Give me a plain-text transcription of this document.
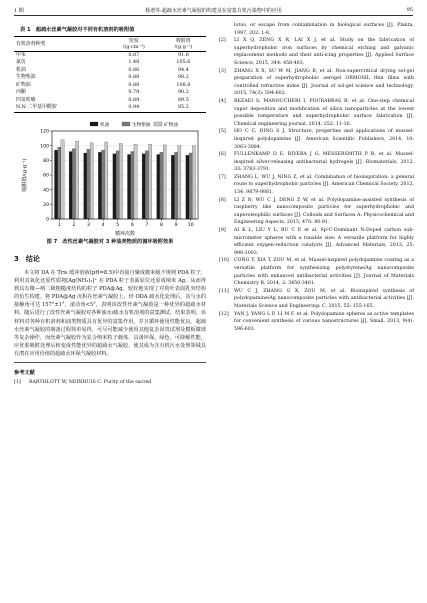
1 期	杨谱等:超疏水丝素气凝胶的构建及在富集有机污染物中的应用	95
表 1　超疏水丝素气凝胶对不同有机溶剂的吸附值
有机溶剂种类	密度
/(g·cm⁻³)	吸附值
/(g·g⁻¹)
甲苯	0.87	91.6
氯仿	1.48	105.6
机油	0.86	94.4
生物柴油	0.88	98.2
矿物油	0.88	108.8
丙酮	0.79	90.2
四氢呋喃	0.89	89.5
N,N-二甲基甲酰胺	0.94	85.2
0
20
40
60
80
100
120
1	2	3	4	5	6	7	8	9 10
循环次数
吸附值/(g·g⁻¹)
机油	生物柴油	矿物油
图 7　改性丝素气凝胶对 3 种油类物质的循环吸附效果
3　结论

本文将 DA 在 Tris 缓冲溶液(pH=8.5)中直接自聚成微米级不规则 PDA 粒子，利用其氧化还原性质将[Ag(NH₃)₂]⁺ 在 PDA 粒子表面原位还原成纳米 Ag，从而得到具有微—纳二级粗糙度结构的粒子 PDA@Ag，较好地实现了对荷叶表面乳突结构的仿生构建。将 PDA@Ag 沉积在丝素气凝胶上，经 ODA 疏水化处理后，其与水的接触角可达 157°±1°，滚动角<5°，表明该改性丝素气凝胶是一种优异的超疏水材料。随后进行了改性丝素气凝胶对各种油水/疏水有机溶剂的富集测试，结果表明，该材料对各种有机溶剂和油类物质具有优异的富集作用，并且循环使用性能优良。超疏水丝素气凝胶的制备过程简单易得，可尽可能减少使用其他复杂昂贵试剂及模板微球等复杂操作，而丝素气凝胶作为复合纳米粒子载体，具备环保、绿色、可降解性能，应优那吸附处理后转变成性能优异的超疏水气凝胶，使其成为含有机污水处理领域具有潜在应用价值的超疏水环保气凝胶材料。

参考文献

[1] BARTHLOTT W, NEINHUIS C. Purity of the sacred

lotus, or escape from contamination in biological surfaces [J]. Planta, 1997, 202: 1-8.

[2] LI X Q, ZENG X R, LAI X J, et al. Study on the fabrication of superhydrophobic iron surfaces by chemical etching and galvanic replacement methods and their anti-icing properties [J]. Applied Surface Science, 2015, 344: 458-463.

[3] ZHANG X X, SU W M, JIANG B, et al. Non-supercritical drying sol-gel preparation of superhydrophobic aerogel ORMOSIL thin films with controlled refractive index [J]. Journal of sol-gel science and technology, 2015, 74(3): 594-602.

[4] REZAEI S, MANOUCHERI I, POURABBAS B, et al. One-step chemical vapor deposition and modification of silica nanoparticles at the lowest possible temperature and superhydrophobic surface fabrication [J]. Chemical engineering journal, 2014, 252: 11-16.

[5] HO C C, DING S J. Structure, properties and applications of mussel-inspired polydopamine [J]. American Scientific Publishers, 2014, 10: 3063-3084.

[6] FULLENKAMP D E, RIVERA J G, MESSERSMITH P B, et al. Mussel-inspired silver-releasing antibacterial hydrogels [J]. Biomaterials, 2012, 33: 3783-3791.

[7] ZHANG L, WU J, NING Z, et al. Combination of bioinspiration: a general route to superhydrophobic particles [J]. American Chemical Society, 2012, 134: 9879-9881.

[8] LI Z N, WU C J, DENG Z W, et al. Polydopamine-assisted synthesis of raspberry like nanocomposite particles for superhydrophobic and superoleophilic surfaces [J]. Colloids and Surfaces A: Physicochemical and Engineering Aspects, 2015, 470: 80-91.

[9] AI K L, LIU Y L, RU C P, et al. Sp²C-Dominant N-Doped carbon sub-micrometer spheres with a tunable size: A versatile platform for highly efficient oxygen-reduction catalysts [J]. Advanced Materials, 2013, 25: 998-1003.

[10] CONG Y, XIA T, ZOU M, et al. Mussel-inspired polydopamine coating as a versatile platform for synthesizing polystyrene/Ag nanocomposite particles with enhanced antibacterial activities [J]. Journal of Materials Chemistry B, 2014, 2: 3450-3461.

[11] WU C J, ZHANG G X, ZOU M, et al. Bioinspired synthesis of polydopamine/Ag nanocomposite particles with antibacterial activities [J]. Materials Science and Engineering: C, 2015, 55: 155-165.

[12] YAN J, YANG L P, LI M F, et al. Polydopamine spheres as active templates for convenient synthesis of various nanostructures [J]. Small, 2013, 9(4): 596-603.
